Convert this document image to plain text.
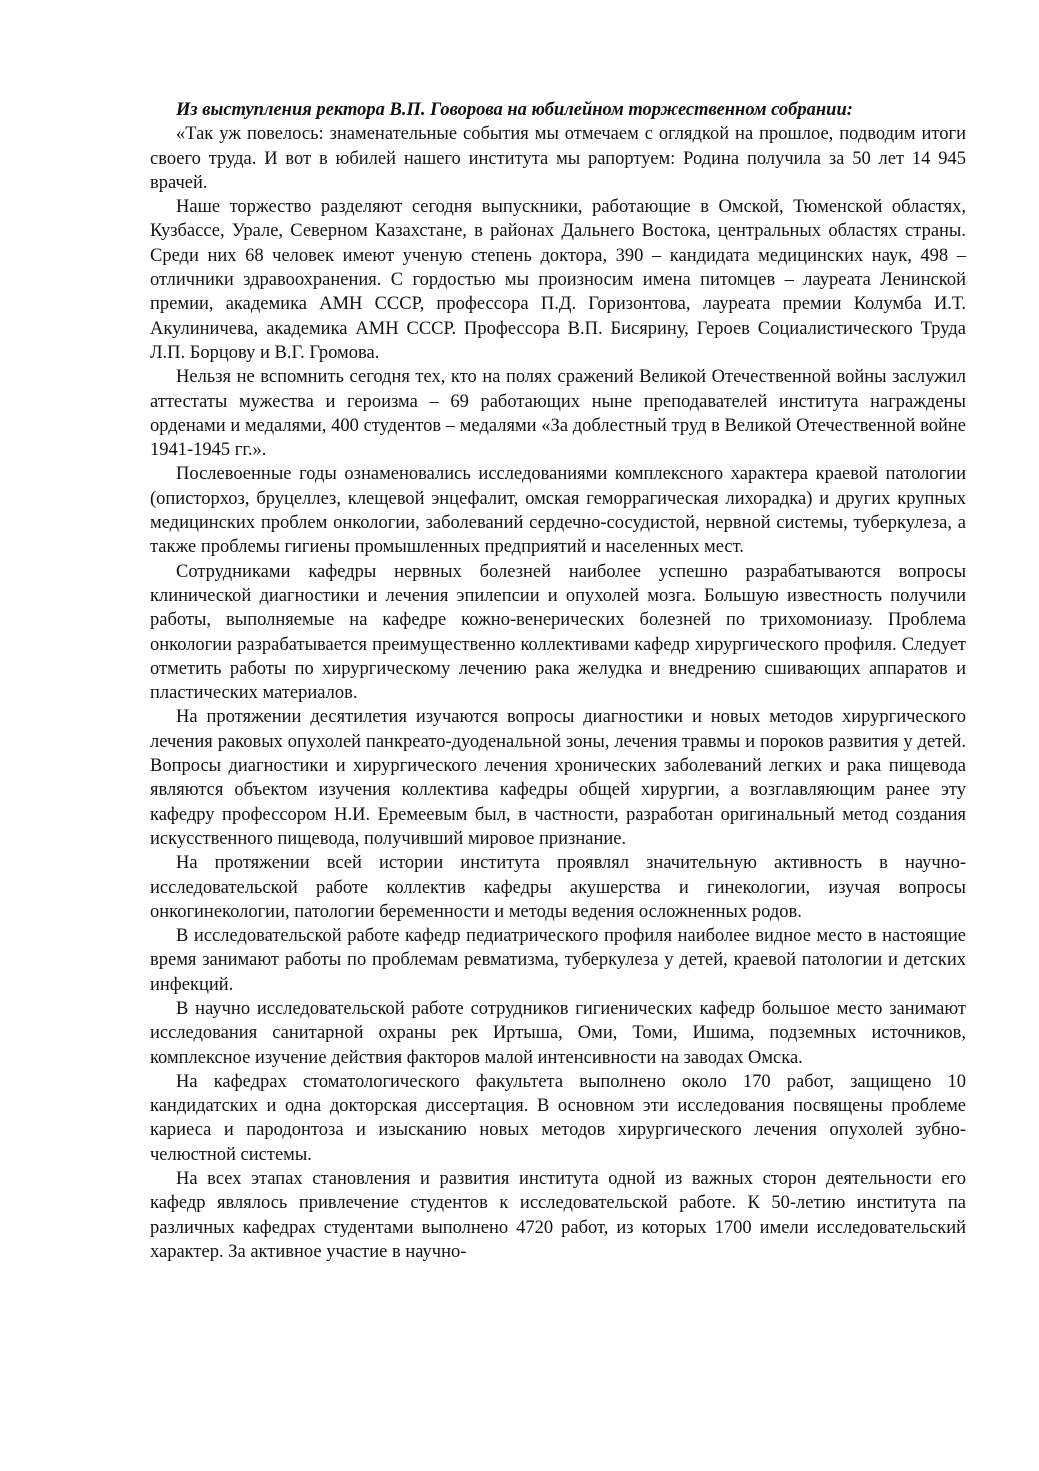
Из выступления ректора В.П. Говорова на юбилейном торжественном собрании:

«Так уж повелось: знаменательные события мы отмечаем с оглядкой на прошлое, подводим итоги своего труда. И вот в юбилей нашего института мы рапортуем: Родина получила за 50 лет 14 945 врачей.

Наше торжество разделяют сегодня выпускники, работающие в Омской, Тюменской областях, Кузбассе, Урале, Северном Казахстане, в районах Дальнего Востока, центральных областях страны. Среди них 68 человек имеют ученую степень доктора, 390 – кандидата медицинских наук, 498 – отличники здравоохранения. С гордостью мы произносим имена питомцев – лауреата Ленинской премии, академика АМН СССР, профессора П.Д. Горизонтова, лауреата премии Колумба И.Т. Акулиничева, академика АМН СССР. Профессора В.П. Бисярину, Героев Социалистического Труда Л.П. Борцову и В.Г. Громова.

Нельзя не вспомнить сегодня тех, кто на полях сражений Великой Отечественной войны заслужил аттестаты мужества и героизма – 69 работающих ныне преподавателей института награждены орденами и медалями, 400 студентов – медалями «За доблестный труд в Великой Отечественной войне 1941-1945 гг.».

Послевоенные годы ознаменовались исследованиями комплексного характера краевой патологии (описторхоз, бруцеллез, клещевой энцефалит, омская геморрагическая лихорадка) и других крупных медицинских проблем онкологии, заболеваний сердечно-сосудистой, нервной системы, туберкулеза, а также проблемы гигиены промышленных предприятий и населенных мест.

Сотрудниками кафедры нервных болезней наиболее успешно разрабатываются вопросы клинической диагностики и лечения эпилепсии и опухолей мозга. Большую известность получили работы, выполняемые на кафедре кожно-венерических болезней по трихомониазу. Проблема онкологии разрабатывается преимущественно коллективами кафедр хирургического профиля. Следует отметить работы по хирургическому лечению рака желудка и внедрению сшивающих аппаратов и пластических материалов.

На протяжении десятилетия изучаются вопросы диагностики и новых методов хирургического лечения раковых опухолей панкреато-дуоденальной зоны, лечения травмы и пороков развития у детей. Вопросы диагностики и хирургического лечения хронических заболеваний легких и рака пищевода являются объектом изучения коллектива кафедры общей хирургии, а возглавляющим ранее эту кафедру профессором Н.И. Еремеевым был, в частности, разработан оригинальный метод создания искусственного пищевода, получивший мировое признание.

На протяжении всей истории института проявлял значительную активность в научно-исследовательской работе коллектив кафедры акушерства и гинекологии, изучая вопросы онкогинекологии, патологии беременности и методы ведения осложненных родов.

В исследовательской работе кафедр педиатрического профиля наиболее видное место в настоящие время занимают работы по проблемам ревматизма, туберкулеза у детей, краевой патологии и детских инфекций.

В научно исследовательской работе сотрудников гигиенических кафедр большое место занимают исследования санитарной охраны рек Иртыша, Оми, Томи, Ишима, подземных источников, комплексное изучение действия факторов малой интенсивности на заводах Омска.

На кафедрах стоматологического факультета выполнено около 170 работ, защищено 10 кандидатских и одна докторская диссертация. В основном эти исследования посвящены проблеме кариеса и пародонтоза и изысканию новых методов хирургического лечения опухолей зубно-челюстной системы.

На всех этапах становления и развития института одной из важных сторон деятельности его кафедр являлось привлечение студентов к исследовательской работе. К 50-летию института па различных кафедрах студентами выполнено 4720 работ, из которых 1700 имели исследовательский характер. За активное участие в научно-
